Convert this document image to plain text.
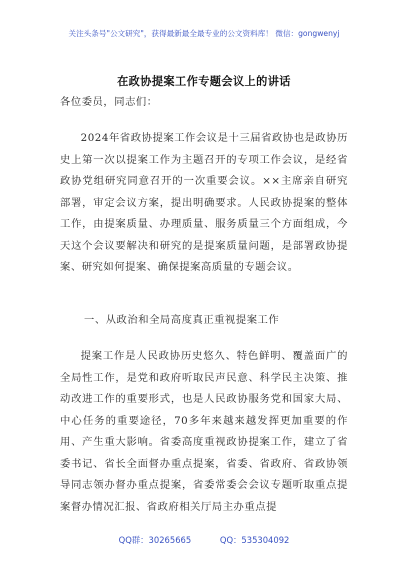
关注头条号"公文研究"，获得最新最全最专业的公文资料库！ 微信：gongwenyj
在政协提案工作专题会议上的讲话
各位委员，同志们：
2024年省政协提案工作会议是十三届省政协也是政协历史上第一次以提案工作为主题召开的专项工作会议，是经省政协党组研究同意召开的一次重要会议。××主席亲自研究部署，审定会议方案，提出明确要求。人民政协提案的整体工作，由提案质量、办理质量、服务质量三个方面组成，今天这个会议要解决和研究的是提案质量问题，是部署政协提案、研究如何提案、确保提案高质量的专题会议。
一、从政治和全局高度真正重视提案工作
提案工作是人民政协历史悠久、特色鲜明、覆盖面广的全局性工作，是党和政府听取民声民意、科学民主决策、推动改进工作的重要形式，也是人民政协服务党和国家大局、中心任务的重要途径，70多年来越来越发挥更加重要的作用、产生重大影响。省委高度重视政协提案工作，建立了省委书记、省长全面督办重点提案，省委、省政府、省政协领导同志领办督办重点提案，省委常委会会议专题听取重点提案督办情况汇报、省政府相关厅局主办重点提
QQ群：30265665	QQ：535304092
